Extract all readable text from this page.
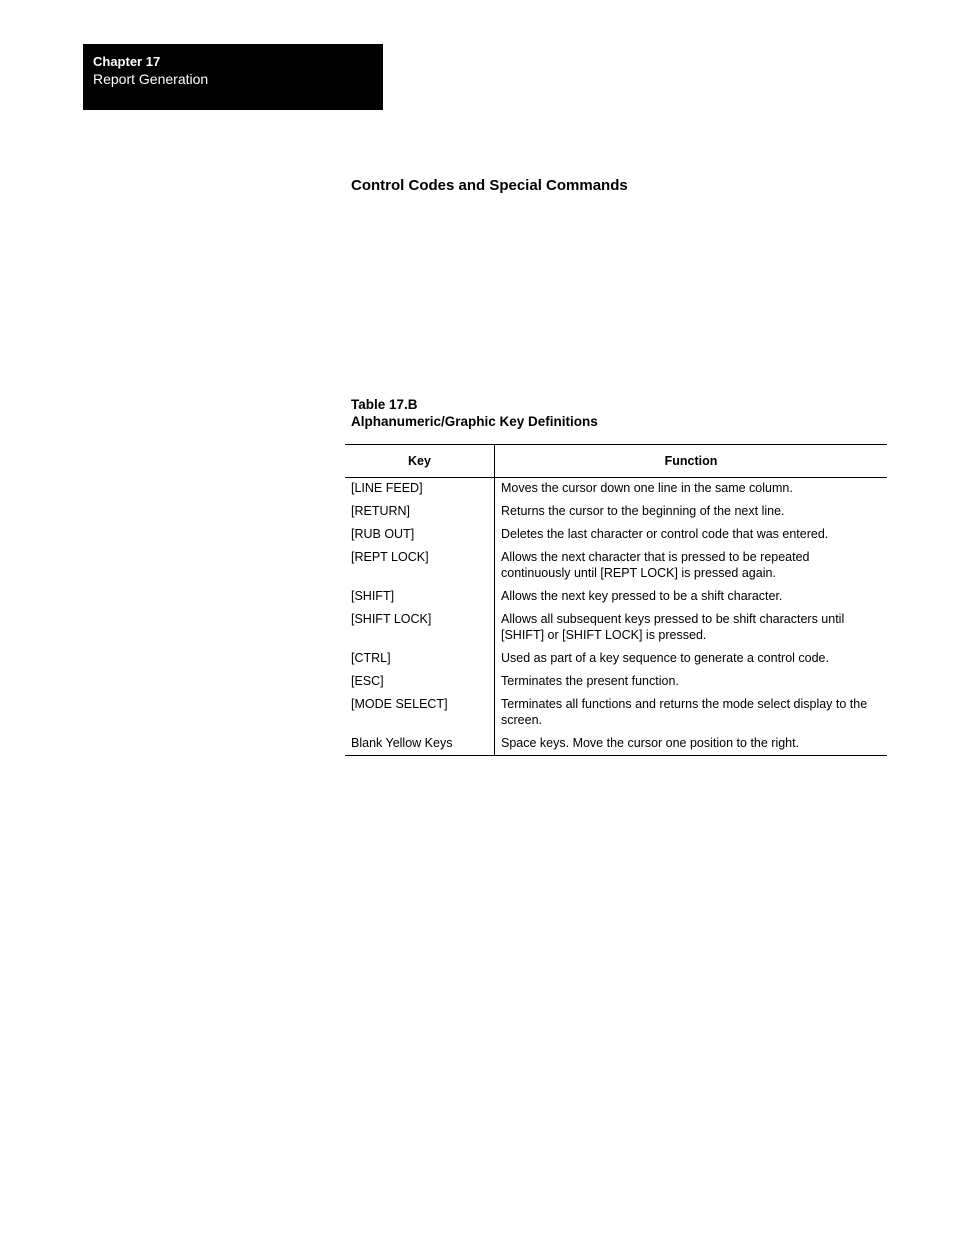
Chapter 17
Report Generation
Control Codes and Special Commands
Table 17.B
Alphanumeric/Graphic Key Definitions
Key	Function
[LINE FEED]	Moves the cursor down one line in the same column.
[RETURN]	Returns the cursor to the beginning of the next line.
[RUB OUT]	Deletes the last character or control code that was entered.
[REPT LOCK]	Allows the next character that is pressed to be repeated continuously until [REPT LOCK] is pressed again.
[SHIFT]	Allows the next key pressed to be a shift character.
[SHIFT LOCK]	Allows all subsequent keys pressed to be shift characters until [SHIFT] or [SHIFT LOCK] is pressed.
[CTRL]	Used as part of a key sequence to generate a control code.
[ESC]	Terminates the present function.
[MODE SELECT]	Terminates all functions and returns the mode select display to the screen.
Blank Yellow Keys	Space keys. Move the cursor one position to the right.
